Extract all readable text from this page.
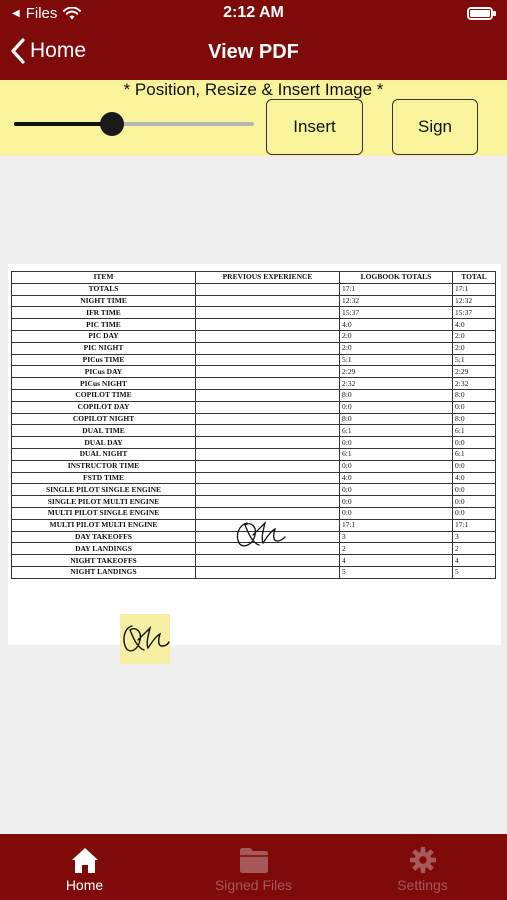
◀ Files	2:12 AM
Home	View PDF
* Position, Resize & Insert Image *
Insert	Sign
ITEM	PREVIOUS EXPERIENCE	LOGBOOK TOTALS	TOTAL
TOTALS		17:1	17:1
NIGHT TIME		12:32	12:32
IFR TIME		15:37	15:37
PIC TIME		4:0	4:0
PIC DAY		2:0	2:0
PIC NIGHT		2:0	2:0
PICus TIME		5:1	5:1
PICus DAY		2:29	2:29
PICus NIGHT		2:32	2:32
COPILOT TIME		8:0	8:0
COPILOT DAY		0:0	0:0
COPILOT NIGHT		8:0	8:0
DUAL TIME		6:1	6:1
DUAL DAY		0:0	0:0
DUAL NIGHT		6:1	6:1
INSTRUCTOR TIME		0:0	0:0
FSTD TIME		4:0	4:0
SINGLE PILOT SINGLE ENGINE		0:0	0:0
SINGLE PILOT MULTI ENGINE		0:0	0:0
MULTI PILOT SINGLE ENGINE		0:0	0:0
MULTI PILOT MULTI ENGINE		17:1	17:1
DAY TAKEOFFS		3	3
DAY LANDINGS		2	2
NIGHT TAKEOFFS		4	4
NIGHT LANDINGS		5	5
Home	Signed Files	Settings
